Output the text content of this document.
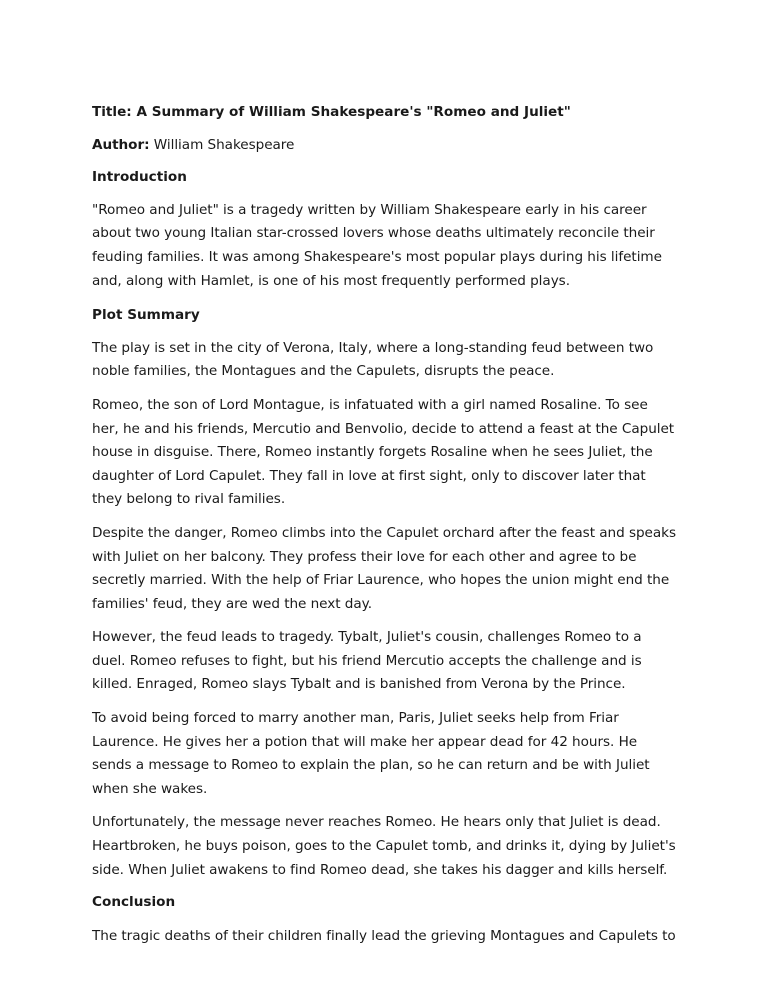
Title: A Summary of William Shakespeare's "Romeo and Juliet"

Author: William Shakespeare

Introduction

"Romeo and Juliet" is a tragedy written by William Shakespeare early in his career about two young Italian star-crossed lovers whose deaths ultimately reconcile their feuding families. It was among Shakespeare's most popular plays during his lifetime and, along with Hamlet, is one of his most frequently performed plays.

Plot Summary

The play is set in the city of Verona, Italy, where a long-standing feud between two noble families, the Montagues and the Capulets, disrupts the peace.

Romeo, the son of Lord Montague, is infatuated with a girl named Rosaline. To see her, he and his friends, Mercutio and Benvolio, decide to attend a feast at the Capulet house in disguise. There, Romeo instantly forgets Rosaline when he sees Juliet, the daughter of Lord Capulet. They fall in love at first sight, only to discover later that they belong to rival families.

Despite the danger, Romeo climbs into the Capulet orchard after the feast and speaks with Juliet on her balcony. They profess their love for each other and agree to be secretly married. With the help of Friar Laurence, who hopes the union might end the families' feud, they are wed the next day.

However, the feud leads to tragedy. Tybalt, Juliet's cousin, challenges Romeo to a duel. Romeo refuses to fight, but his friend Mercutio accepts the challenge and is killed. Enraged, Romeo slays Tybalt and is banished from Verona by the Prince.

To avoid being forced to marry another man, Paris, Juliet seeks help from Friar Laurence. He gives her a potion that will make her appear dead for 42 hours. He sends a message to Romeo to explain the plan, so he can return and be with Juliet when she wakes.

Unfortunately, the message never reaches Romeo. He hears only that Juliet is dead. Heartbroken, he buys poison, goes to the Capulet tomb, and drinks it, dying by Juliet's side. When Juliet awakens to find Romeo dead, she takes his dagger and kills herself.

Conclusion

The tragic deaths of their children finally lead the grieving Montagues and Capulets to
